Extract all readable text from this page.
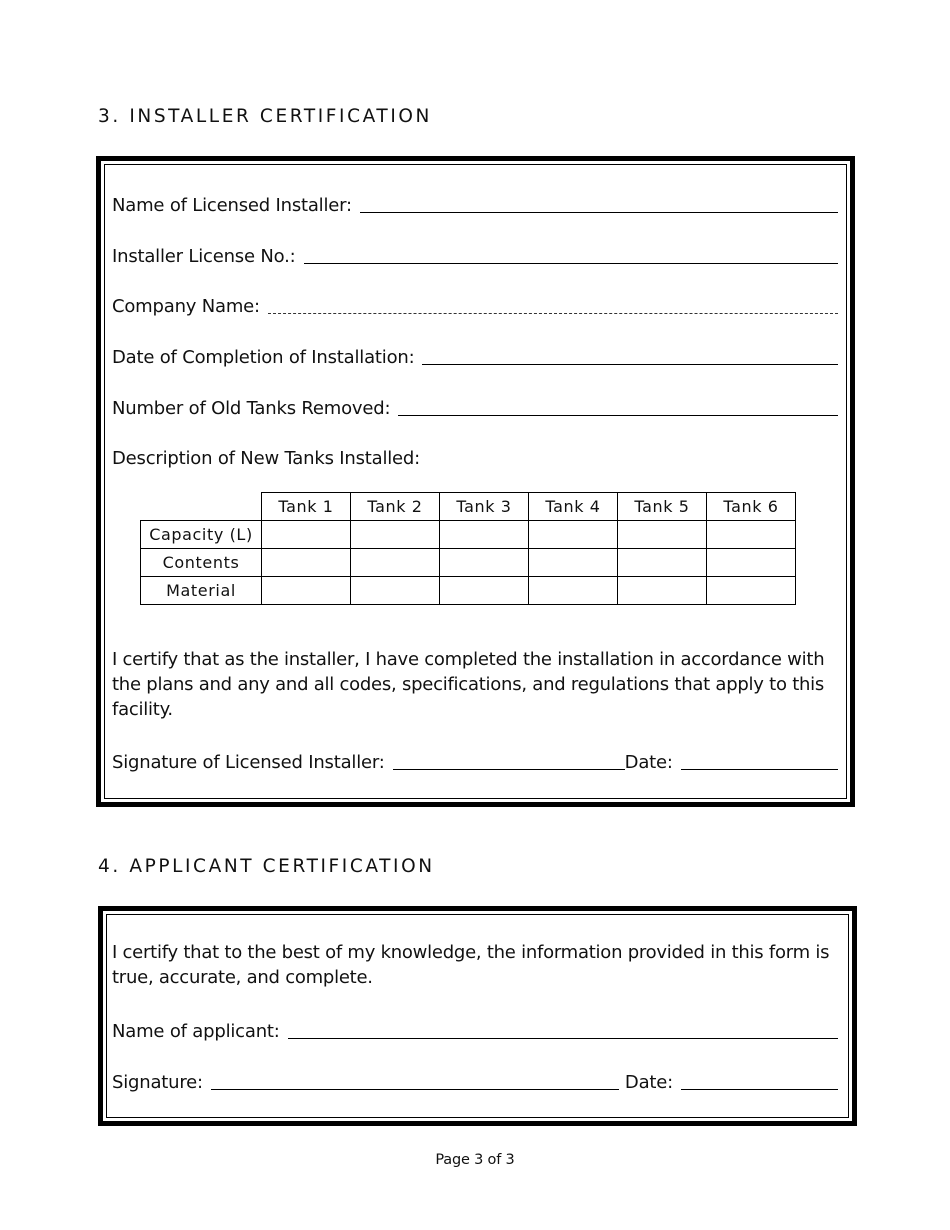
3. INSTALLER CERTIFICATION
Name of Licensed Installer:
Installer License No.:
Company Name:
Date of Completion of Installation:
Number of Old Tanks Removed:
Description of New Tanks Installed:
	Tank 1	Tank 2	Tank 3	Tank 4	Tank 5	Tank 6
Capacity (L)						
Contents						
Material						

I certify that as the installer, I have completed the installation in accordance with the plans and any and all codes, specifications, and regulations that apply to this facility.

Signature of Licensed Installer:	Date:
4. APPLICANT CERTIFICATION

I certify that to the best of my knowledge, the information provided in this form is true, accurate, and complete.

Name of applicant:
Signature:	Date:
Page 3 of 3
